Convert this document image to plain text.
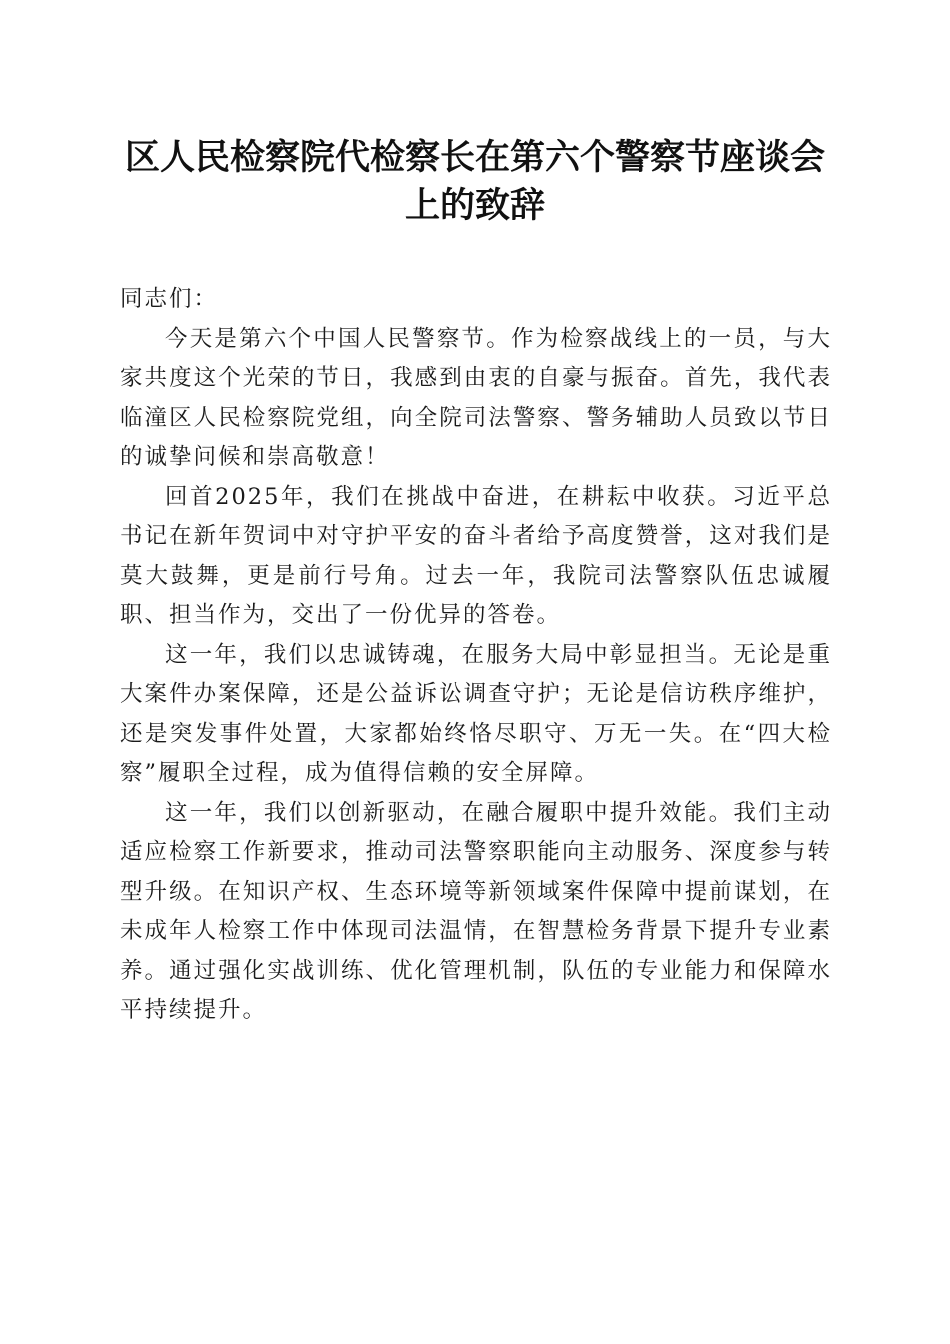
区人民检察院代检察长在第六个警察节座谈会
上的致辞

同志们：

今天是第六个中国人民警察节。作为检察战线上的一员，与大家共度这个光荣的节日，我感到由衷的自豪与振奋。首先，我代表临潼区人民检察院党组，向全院司法警察、警务辅助人员致以节日的诚挚问候和崇高敬意！

回首2025年，我们在挑战中奋进，在耕耘中收获。习近平总书记在新年贺词中对守护平安的奋斗者给予高度赞誉，这对我们是莫大鼓舞，更是前行号角。过去一年，我院司法警察队伍忠诚履职、担当作为，交出了一份优异的答卷。

这一年，我们以忠诚铸魂，在服务大局中彰显担当。无论是重大案件办案保障，还是公益诉讼调查守护；无论是信访秩序维护，还是突发事件处置，大家都始终恪尽职守、万无一失。在“四大检察”履职全过程，成为值得信赖的安全屏障。

这一年，我们以创新驱动，在融合履职中提升效能。我们主动适应检察工作新要求，推动司法警察职能向主动服务、深度参与转型升级。在知识产权、生态环境等新领域案件保障中提前谋划，在未成年人检察工作中体现司法温情，在智慧检务背景下提升专业素养。通过强化实战训练、优化管理机制，队伍的专业能力和保障水平持续提升。
